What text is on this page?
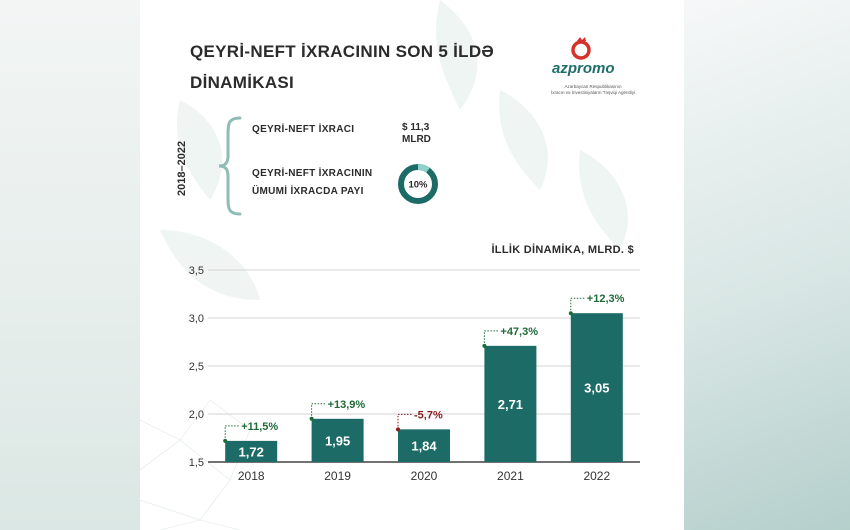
QEYRİ-NEFT İXRACININ SON 5 İLDƏ
DİNAMİKASI
azpromo
Azərbaycan Respublikasının
İxracın və İnvestisiyaların Təşviqi Agentliyi
2018–2022
QEYRİ-NEFT İXRACI	$ 11,3
MLRD
QEYRİ-NEFT İXRACININ
ÜMUMİ İXRACDA PAYI
10%
İLLİK DİNAMİKA, MLRD. $
1,5
2,0
2,5
3,0
3,5
1,72
2018
+11,5%
1,95
2019
+13,9%
1,84
2020
-5,7%
2,71
2021
+47,3%
3,05
2022
+12,3%
